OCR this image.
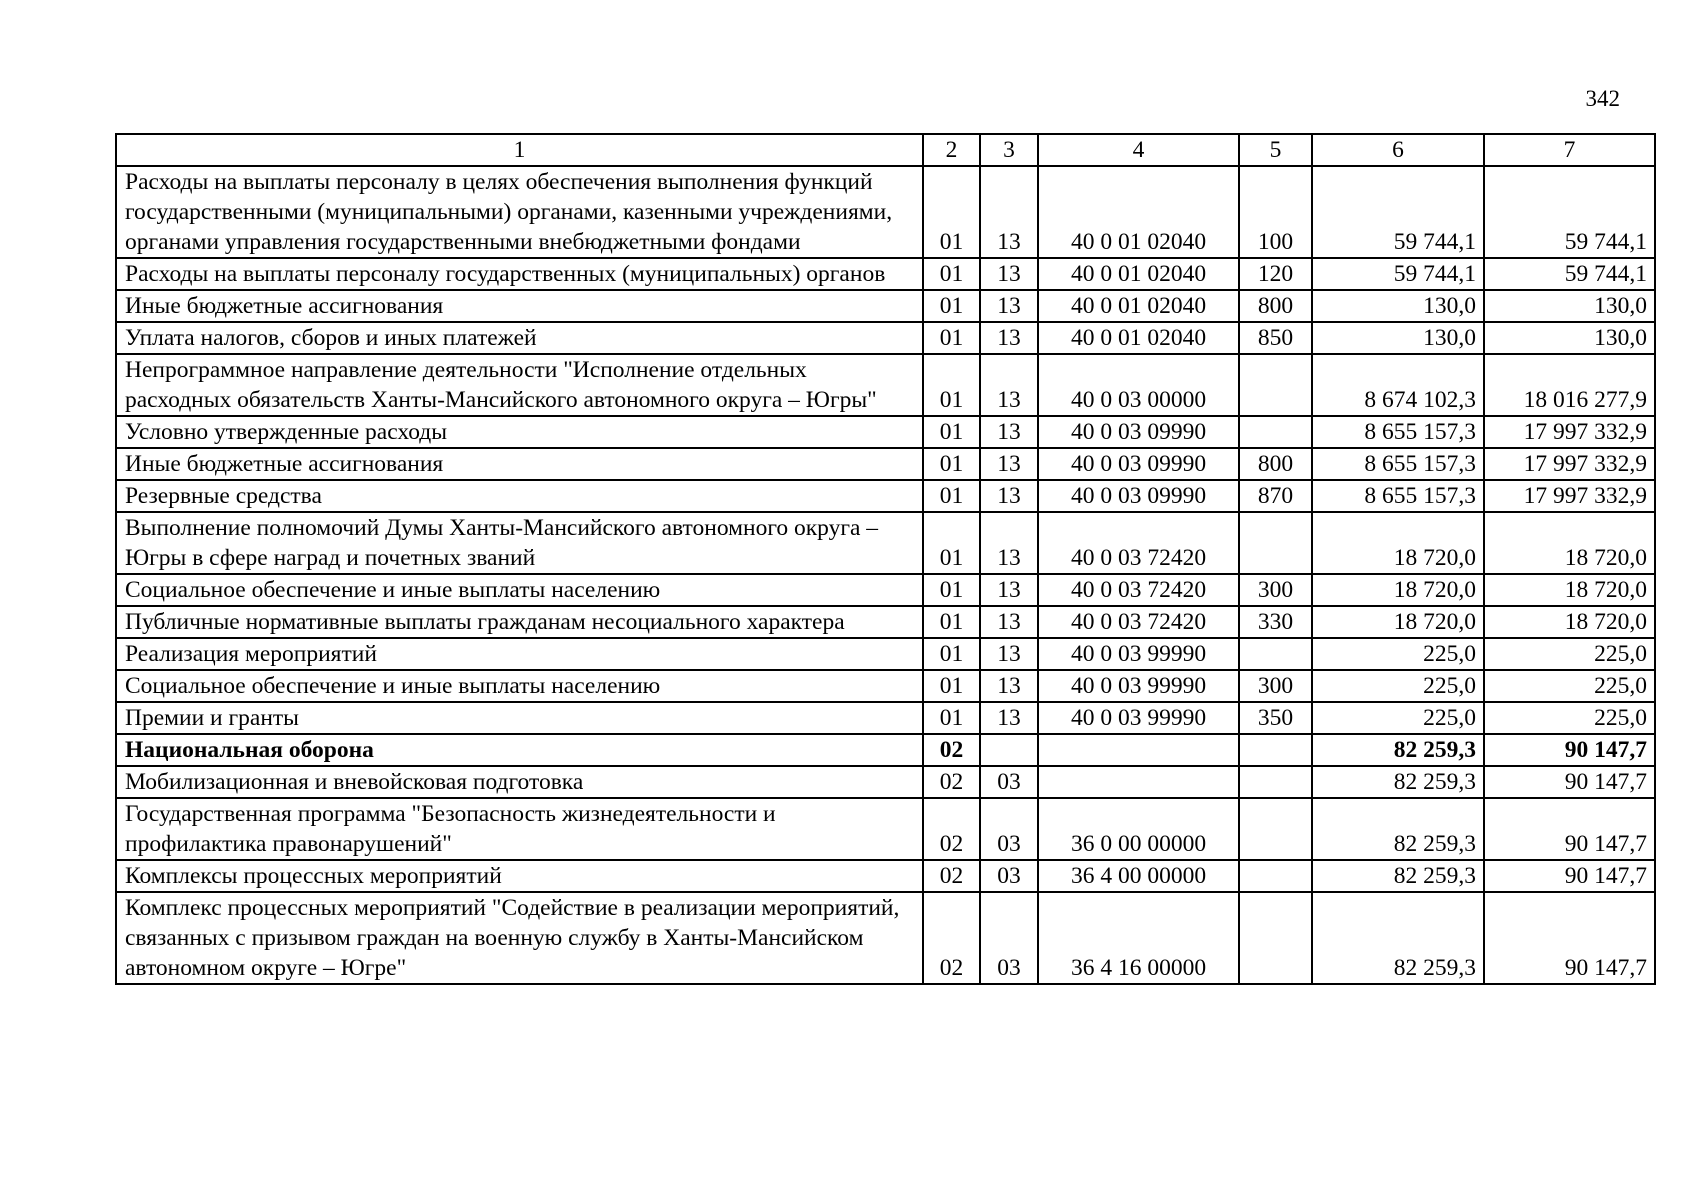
342
1	2	3	4	5	6	7
Расходы на выплаты персоналу в целях обеспечения выполнения функций государственными (муниципальными) органами, казенными учреждениями, органами управления государственными внебюджетными фондами	01	13	40 0 01 02040	100	59 744,1	59 744,1
Расходы на выплаты персоналу государственных (муниципальных) органов	01	13	40 0 01 02040	120	59 744,1	59 744,1
Иные бюджетные ассигнования	01	13	40 0 01 02040	800	130,0	130,0
Уплата налогов, сборов и иных платежей	01	13	40 0 01 02040	850	130,0	130,0
Непрограммное направление деятельности "Исполнение отдельных расходных обязательств Ханты-Мансийского автономного округа – Югры"	01	13	40 0 03 00000		8 674 102,3	18 016 277,9
Условно утвержденные расходы	01	13	40 0 03 09990		8 655 157,3	17 997 332,9
Иные бюджетные ассигнования	01	13	40 0 03 09990	800	8 655 157,3	17 997 332,9
Резервные средства	01	13	40 0 03 09990	870	8 655 157,3	17 997 332,9
Выполнение полномочий Думы Ханты-Мансийского автономного округа – Югры в сфере наград и почетных званий	01	13	40 0 03 72420		18 720,0	18 720,0
Социальное обеспечение и иные выплаты населению	01	13	40 0 03 72420	300	18 720,0	18 720,0
Публичные нормативные выплаты гражданам несоциального характера	01	13	40 0 03 72420	330	18 720,0	18 720,0
Реализация мероприятий	01	13	40 0 03 99990		225,0	225,0
Социальное обеспечение и иные выплаты населению	01	13	40 0 03 99990	300	225,0	225,0
Премии и гранты	01	13	40 0 03 99990	350	225,0	225,0
Национальная оборона	02				82 259,3	90 147,7
Мобилизационная и вневойсковая подготовка	02	03			82 259,3	90 147,7
Государственная программа "Безопасность жизнедеятельности и профилактика правонарушений"	02	03	36 0 00 00000		82 259,3	90 147,7
Комплексы процессных мероприятий	02	03	36 4 00 00000		82 259,3	90 147,7
Комплекс процессных мероприятий "Содействие в реализации мероприятий, связанных с призывом граждан на военную службу в Ханты-Мансийском автономном округе – Югре"	02	03	36 4 16 00000		82 259,3	90 147,7
